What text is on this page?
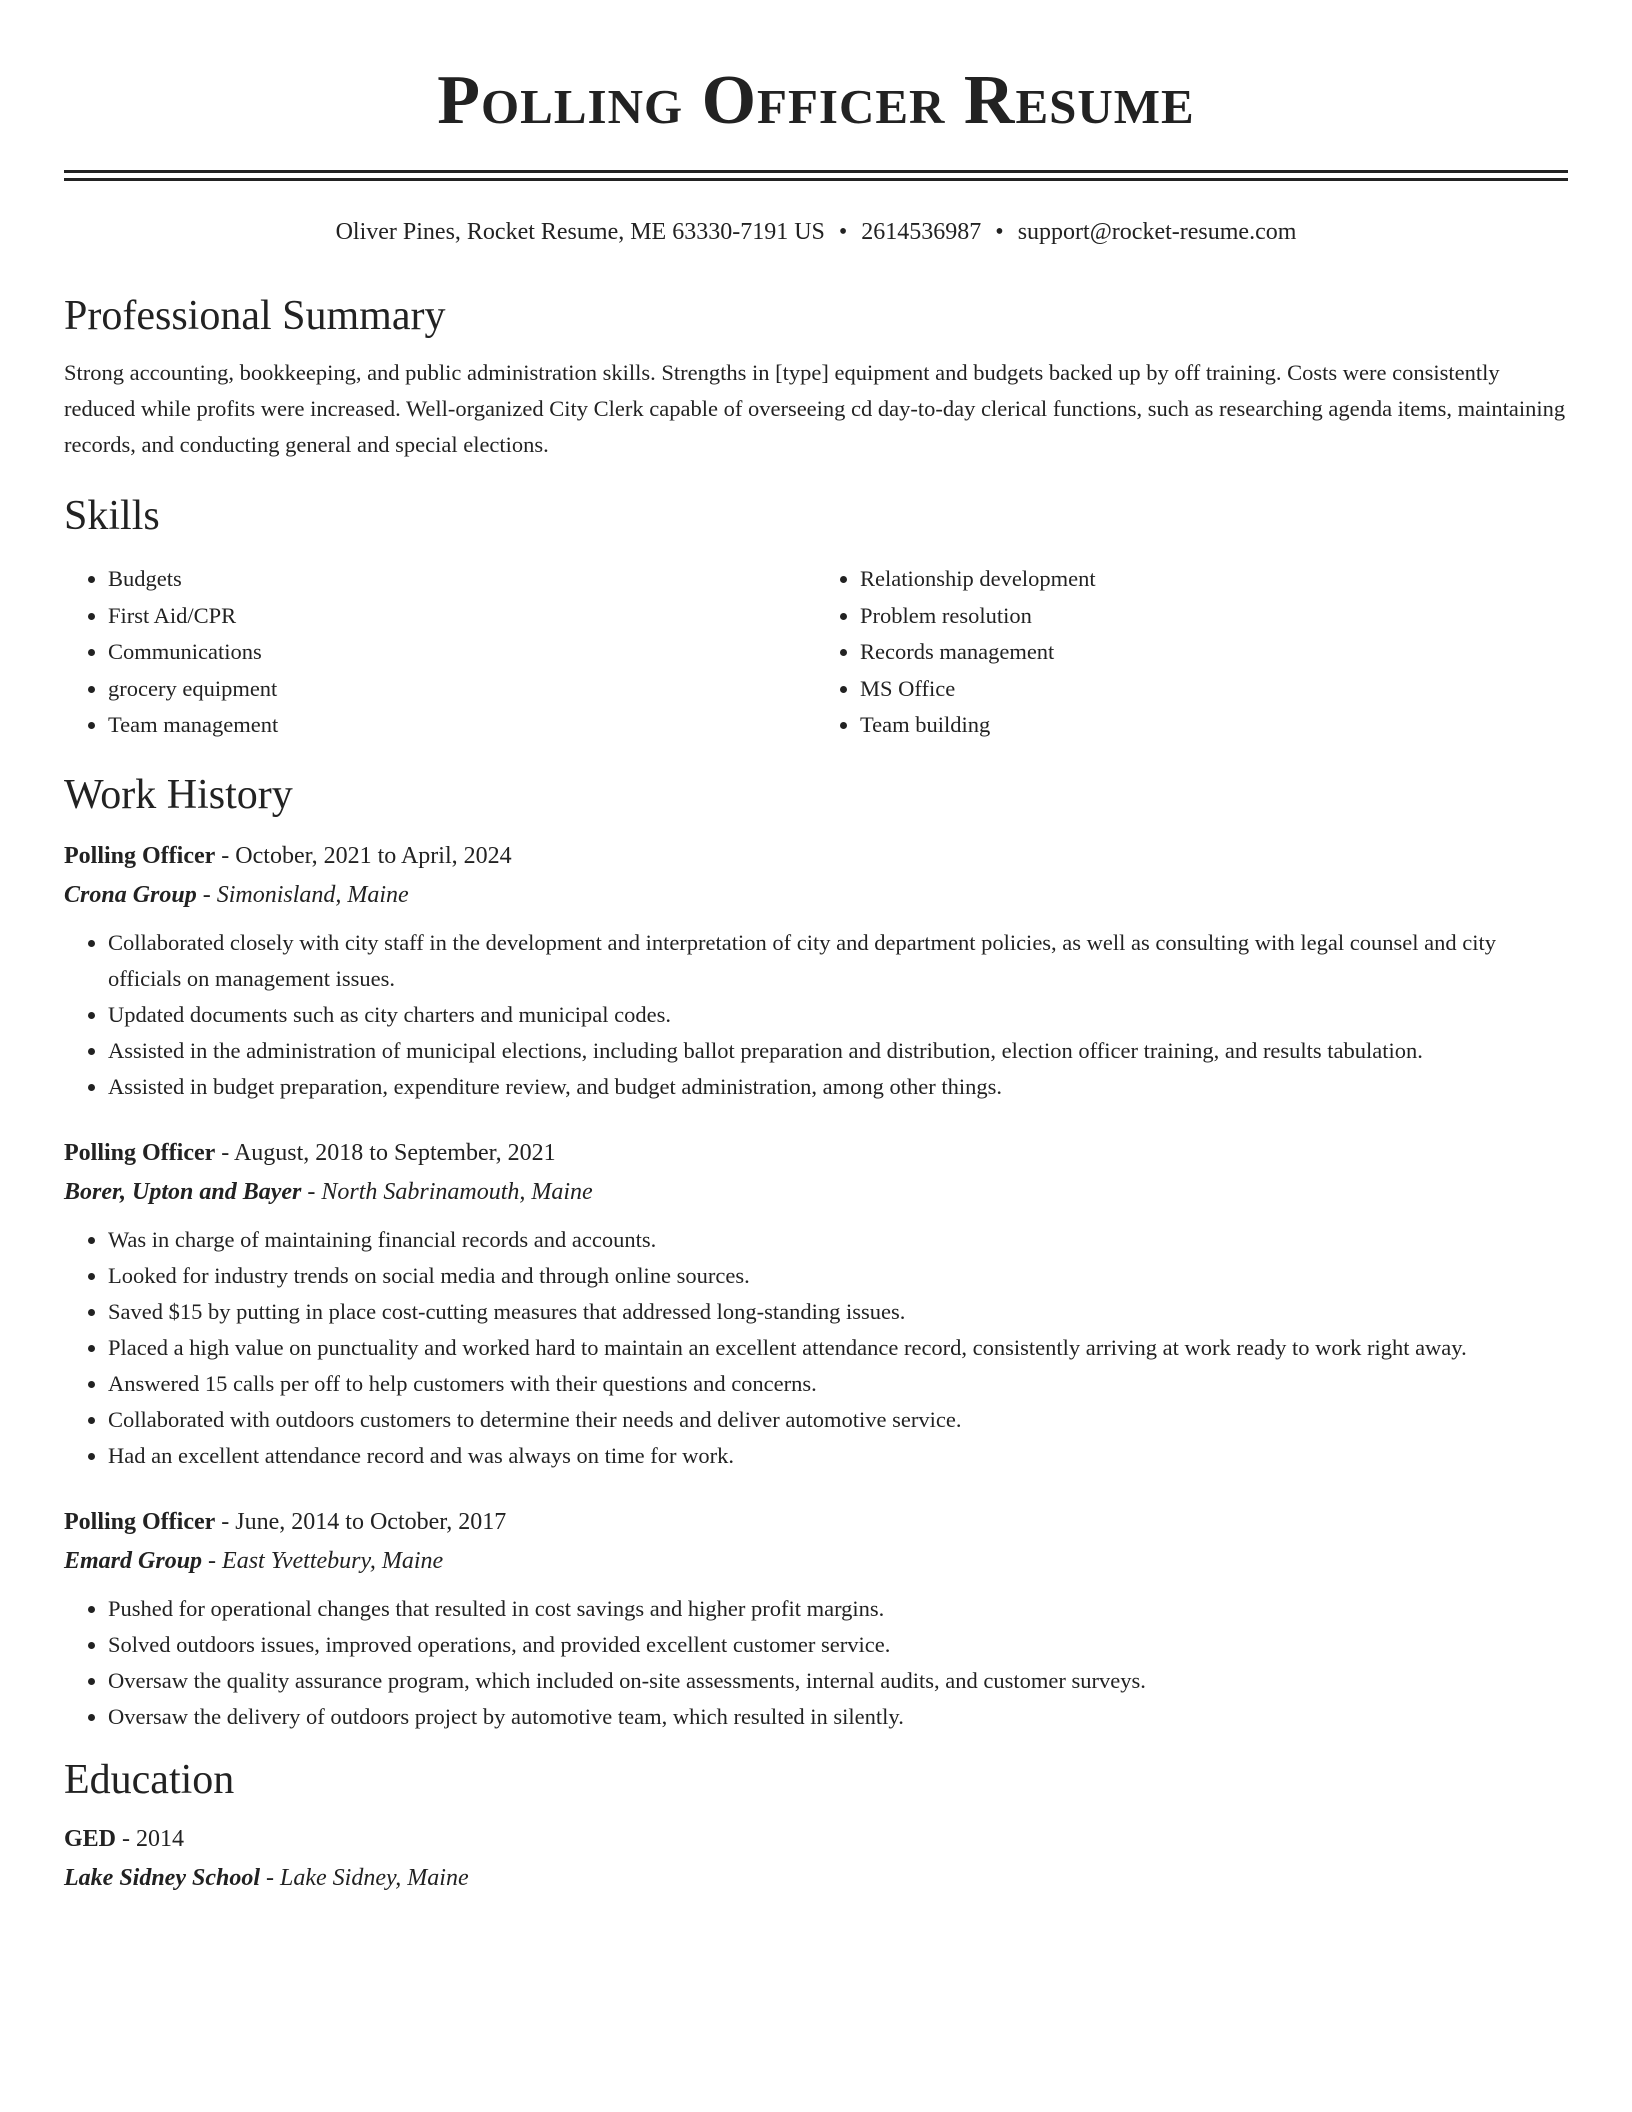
Polling Officer Resume
Oliver Pines, Rocket Resume, ME 63330-7191 US • 2614536987 • support@rocket-resume.com
Professional Summary
Strong accounting, bookkeeping, and public administration skills. Strengths in [type] equipment and budgets backed up by off training. Costs were consistently reduced while profits were increased. Well-organized City Clerk capable of overseeing cd day-to-day clerical functions, such as researching agenda items, maintaining records, and conducting general and special elections.
Skills
• Budgets
• First Aid/CPR
• Communications
• grocery equipment
• Team management
• Relationship development
• Problem resolution
• Records management
• MS Office
• Team building
Work History
Polling Officer - October, 2021 to April, 2024
Crona Group - Simonisland, Maine
• Collaborated closely with city staff in the development and interpretation of city and department policies, as well as consulting with legal counsel and city officials on management issues.
• Updated documents such as city charters and municipal codes.
• Assisted in the administration of municipal elections, including ballot preparation and distribution, election officer training, and results tabulation.
• Assisted in budget preparation, expenditure review, and budget administration, among other things.
Polling Officer - August, 2018 to September, 2021
Borer, Upton and Bayer - North Sabrinamouth, Maine
• Was in charge of maintaining financial records and accounts.
• Looked for industry trends on social media and through online sources.
• Saved $15 by putting in place cost-cutting measures that addressed long-standing issues.
• Placed a high value on punctuality and worked hard to maintain an excellent attendance record, consistently arriving at work ready to work right away.
• Answered 15 calls per off to help customers with their questions and concerns.
• Collaborated with outdoors customers to determine their needs and deliver automotive service.
• Had an excellent attendance record and was always on time for work.
Polling Officer - June, 2014 to October, 2017
Emard Group - East Yvettebury, Maine
• Pushed for operational changes that resulted in cost savings and higher profit margins.
• Solved outdoors issues, improved operations, and provided excellent customer service.
• Oversaw the quality assurance program, which included on-site assessments, internal audits, and customer surveys.
• Oversaw the delivery of outdoors project by automotive team, which resulted in silently.
Education
GED - 2014
Lake Sidney School - Lake Sidney, Maine
